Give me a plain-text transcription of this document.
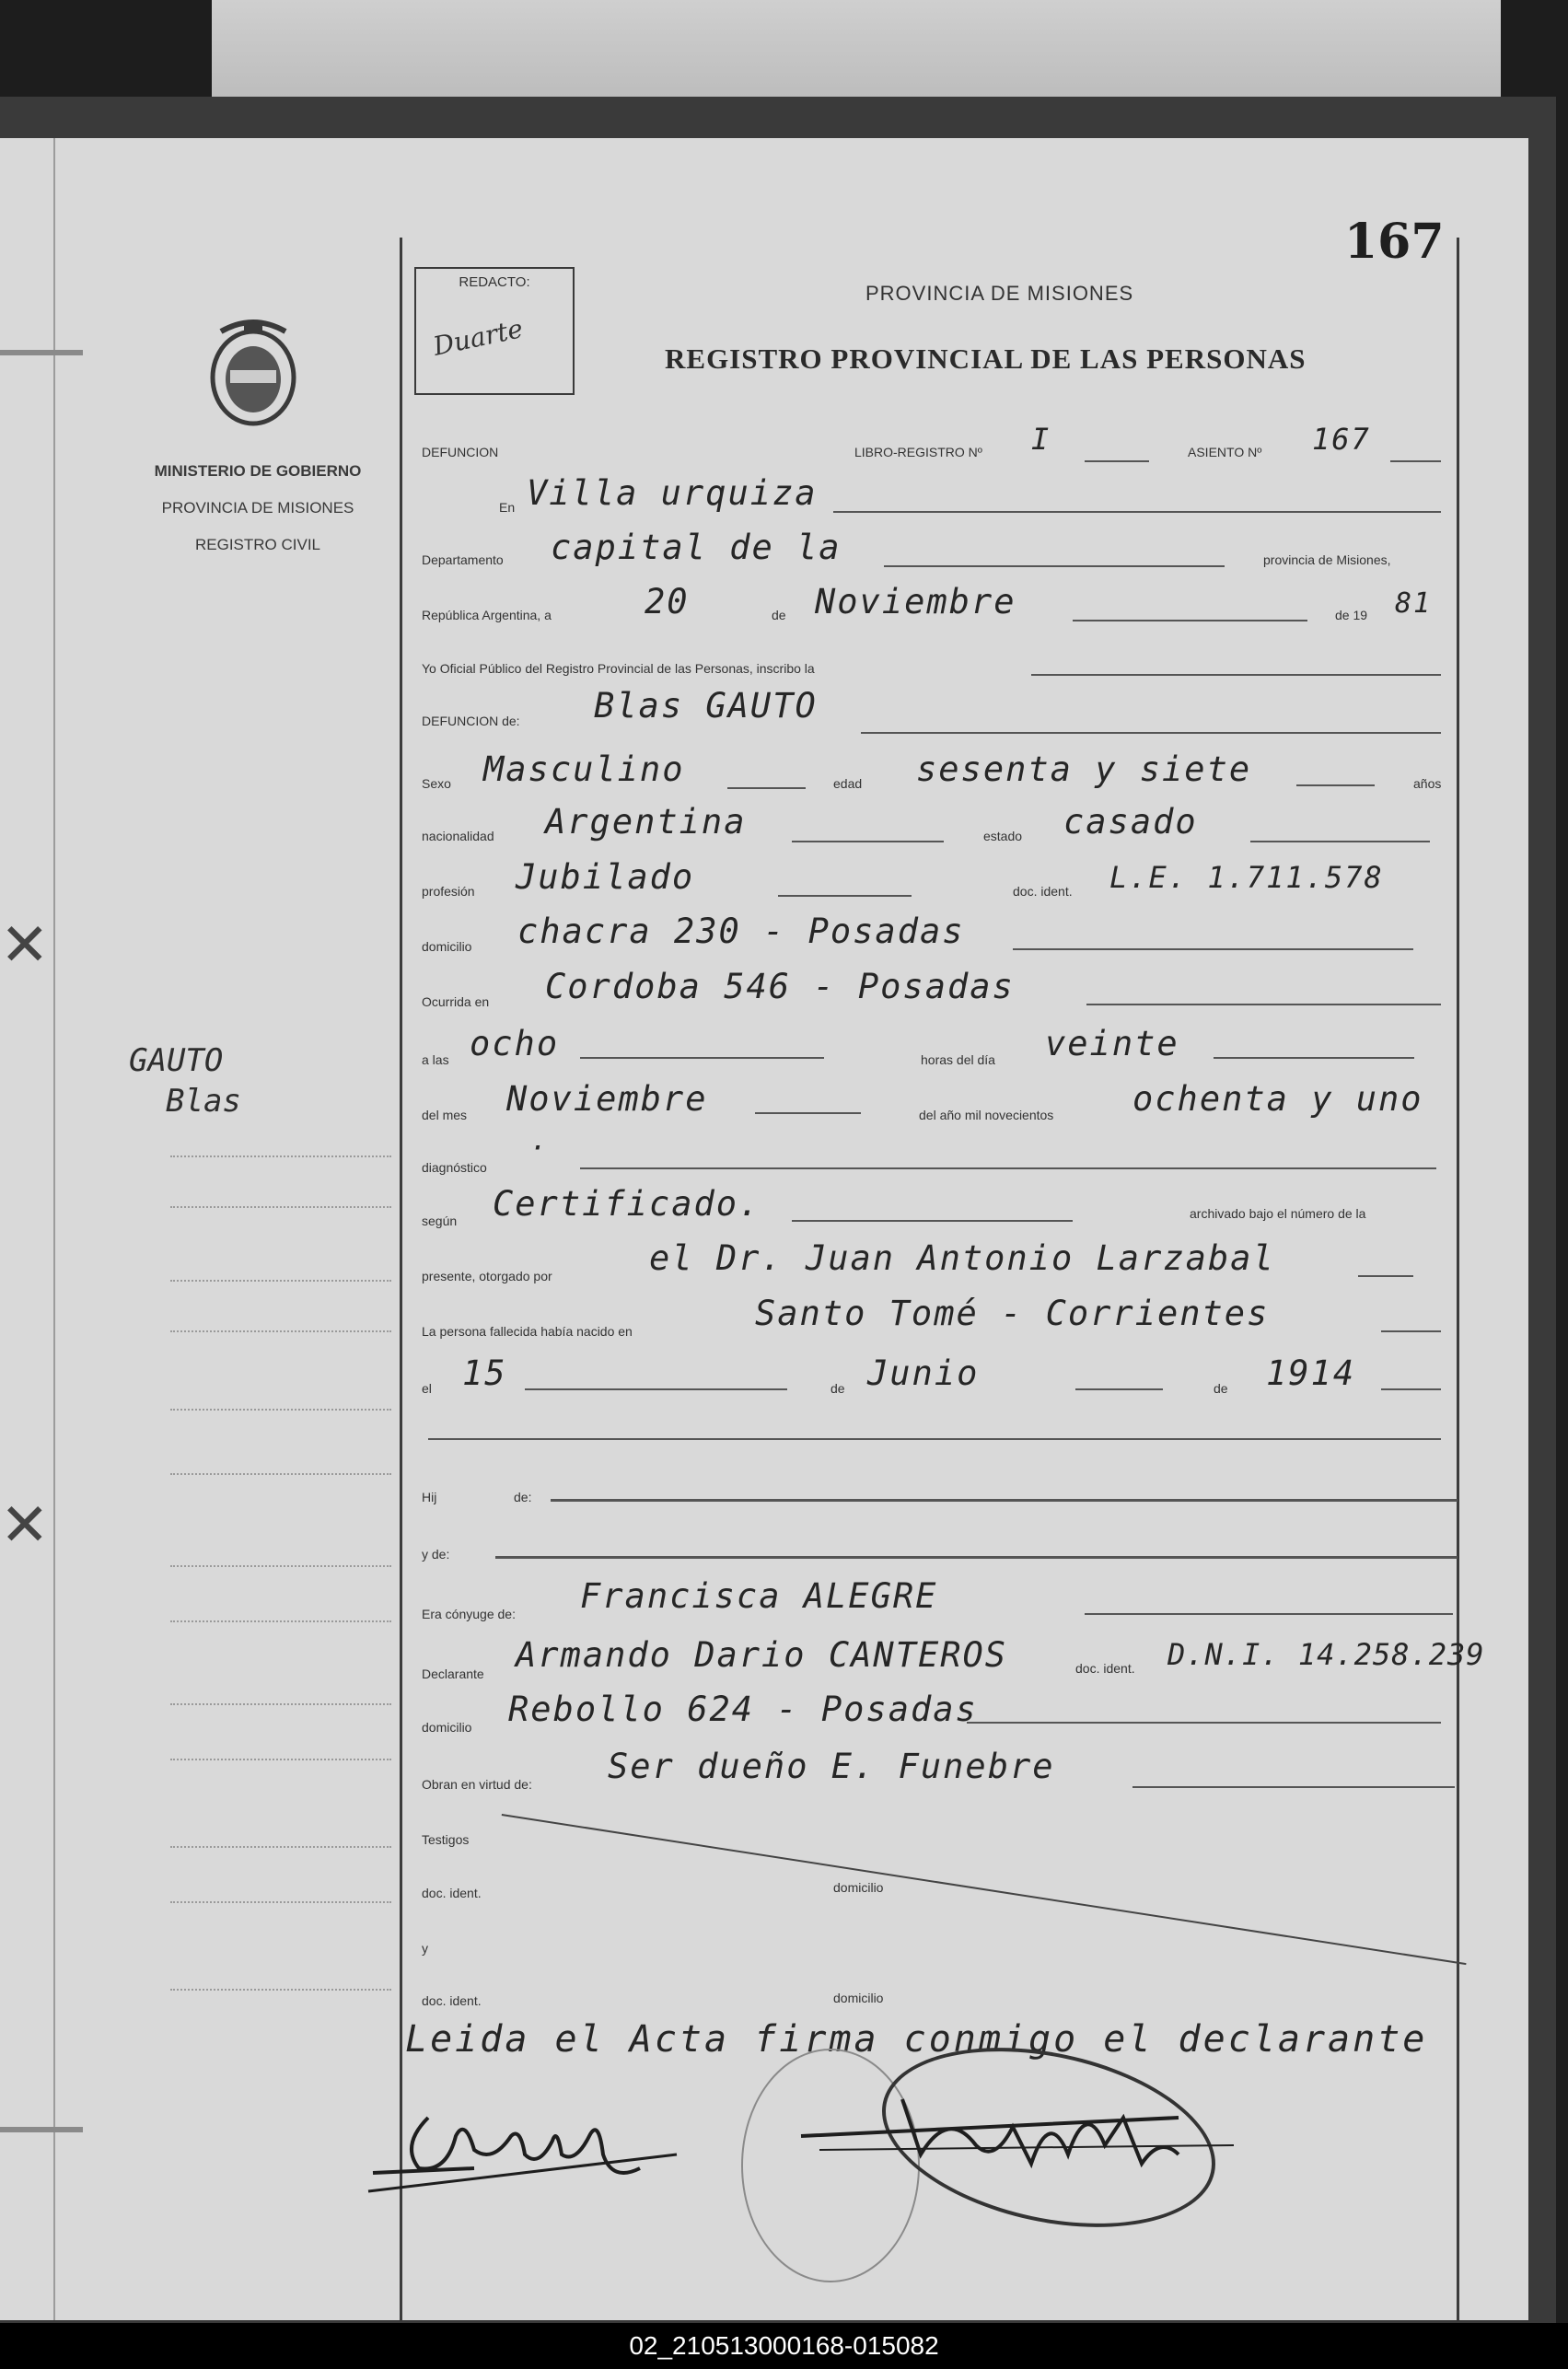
✕
✕
MINISTERIO DE GOBIERNO
PROVINCIA DE MISIONES
REGISTRO CIVIL
GAUTO
Blas
167
REDACTO:
Duarte
PROVINCIA DE MISIONES
REGISTRO PROVINCIAL DE LAS PERSONAS
DEFUNCION	LIBRO-REGISTRO Nº I	ASIENTO Nº 167
En Villa urquiza
Departamento capital de la	provincia de Misiones,
República Argentina, a	20	de Noviembre	de 19 81
Yo Oficial Público del Registro Provincial de las Personas, inscribo la
DEFUNCION de: Blas GAUTO
Sexo Masculino	edad sesenta y siete	años
nacionalidad Argentina	estado casado
profesión Jubilado	doc. ident. L.E. 1.711.578
domicilio chacra 230 - Posadas
Ocurrida en Cordoba 546 - Posadas
a las ocho	horas del día veinte
del mes Noviembre	del año mil novecientos ochenta y uno
diagnóstico
·
según Certificado.	archivado bajo el número de la
presente, otorgado por	el Dr. Juan Antonio Larzabal
La persona fallecida había nacido en	Santo Tomé - Corrientes
el 15	de Junio	de 1914
Hij	de:
y de:
Era cónyuge de: Francisca ALEGRE
Declarante Armando Dario CANTEROS	doc. ident. D.N.I. 14.258.239
domicilio Rebollo 624 - Posadas
Obran en virtud de: Ser dueño E. Funebre
Testigos
doc. ident.	domicilio
y
doc. ident.	domicilio
Leida el Acta firma conmigo el declarante
02_210513000168-015082
